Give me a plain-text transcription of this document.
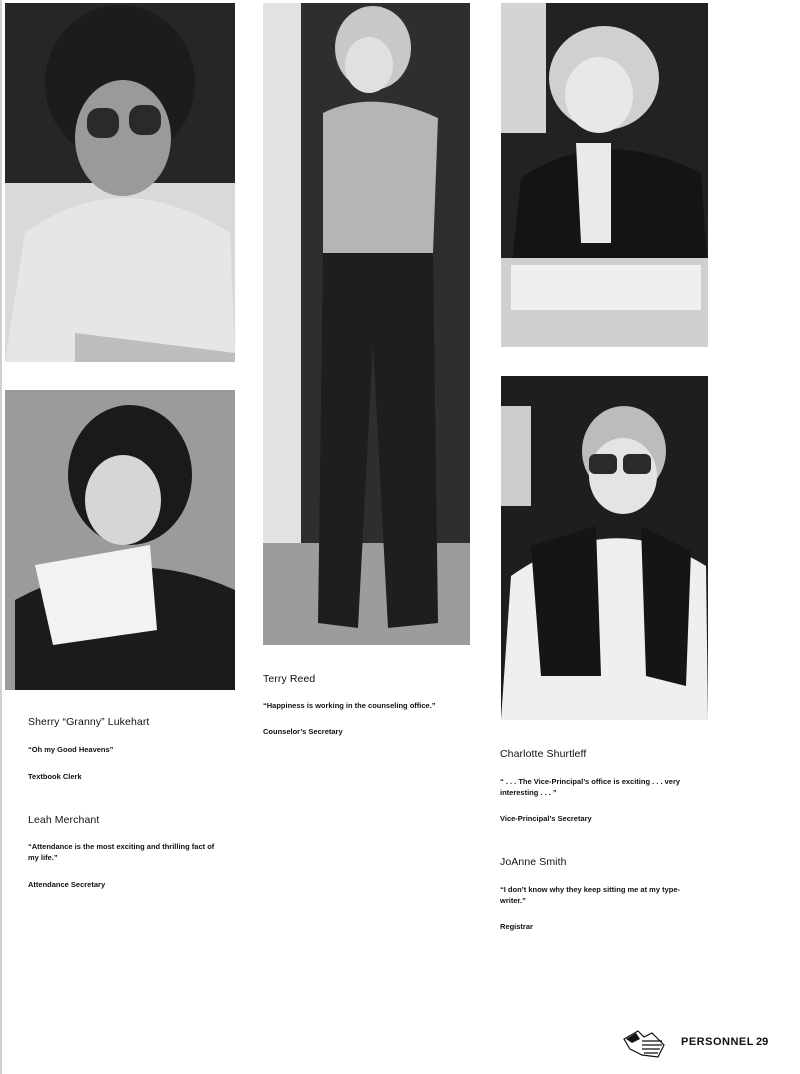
Sherry “Granny” Lukehart
“Oh my Good Heavens”
Textbook Clerk
Leah Merchant
“Attendance is the most exciting and thrilling fact of
my life.”
Attendance Secretary
Terry Reed
“Happiness is working in the counseling office.”
Counselor’s Secretary
Charlotte Shurtleff
“ . . . The Vice-Principal’s office is exciting . . . very
interesting . . . ”
Vice-Principal’s Secretary
JoAnne Smith
“I don’t know why they keep sitting me at my type-
writer.”
Registrar
PERSONNEL 29
